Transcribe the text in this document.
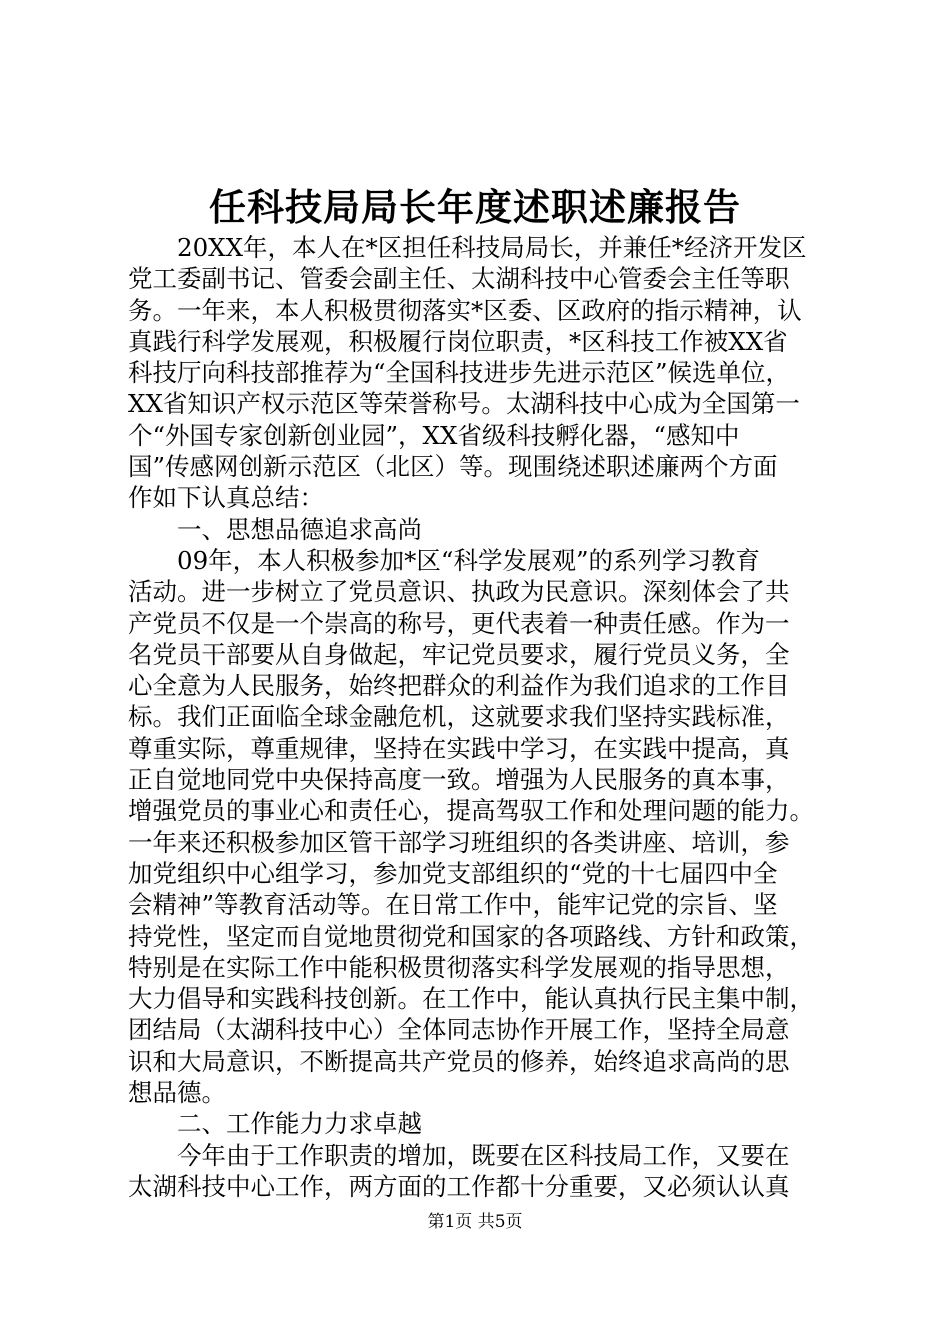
任科技局局长年度述职述廉报告
　　20XX年，本人在*区担任科技局局长，并兼任*经济开发区
党工委副书记、管委会副主任、太湖科技中心管委会主任等职
务。一年来，本人积极贯彻落实*区委、区政府的指示精神，认
真践行科学发展观，积极履行岗位职责，*区科技工作被XX省
科技厅向科技部推荐为“全国科技进步先进示范区”候选单位，
XX省知识产权示范区等荣誉称号。太湖科技中心成为全国第一
个“外国专家创新创业园”，XX省级科技孵化器，“感知中
国”传感网创新示范区（北区）等。现围绕述职述廉两个方面
作如下认真总结：
　　一、思想品德追求高尚
　　09年，本人积极参加*区“科学发展观”的系列学习教育
活动。进一步树立了党员意识、执政为民意识。深刻体会了共
产党员不仅是一个崇高的称号，更代表着一种责任感。作为一
名党员干部要从自身做起，牢记党员要求，履行党员义务，全
心全意为人民服务，始终把群众的利益作为我们追求的工作目
标。我们正面临全球金融危机，这就要求我们坚持实践标准，
尊重实际，尊重规律，坚持在实践中学习，在实践中提高，真
正自觉地同党中央保持高度一致。增强为人民服务的真本事，
增强党员的事业心和责任心，提高驾驭工作和处理问题的能力。
一年来还积极参加区管干部学习班组织的各类讲座、培训，参
加党组织中心组学习，参加党支部组织的“党的十七届四中全
会精神”等教育活动等。在日常工作中，能牢记党的宗旨、坚
持党性，坚定而自觉地贯彻党和国家的各项路线、方针和政策，
特别是在实际工作中能积极贯彻落实科学发展观的指导思想，
大力倡导和实践科技创新。在工作中，能认真执行民主集中制，
团结局（太湖科技中心）全体同志协作开展工作，坚持全局意
识和大局意识，不断提高共产党员的修养，始终追求高尚的思
想品德。
　　二、工作能力力求卓越
　　今年由于工作职责的增加，既要在区科技局工作，又要在
太湖科技中心工作，两方面的工作都十分重要，又必须认认真
第1页 共5页
